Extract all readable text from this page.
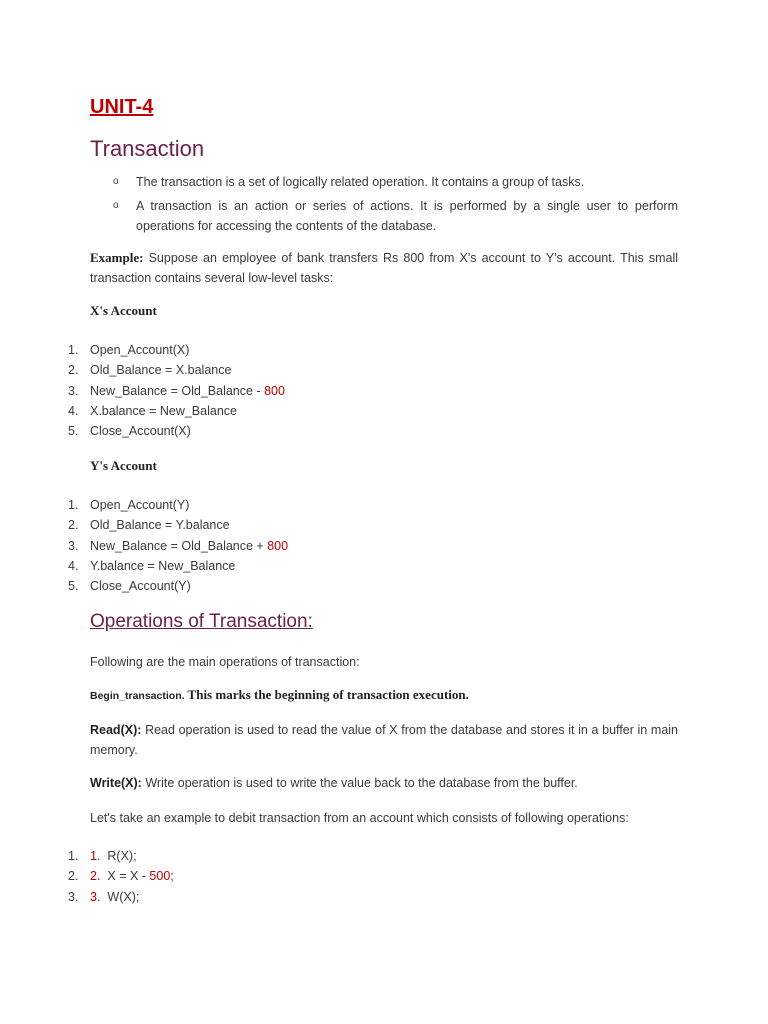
UNIT-4
Transaction
o The transaction is a set of logically related operation. It contains a group of tasks.
o A transaction is an action or series of actions. It is performed by a single user to perform operations for accessing the contents of the database.

Example: Suppose an employee of bank transfers Rs 800 from X's account to Y's account. This small transaction contains several low-level tasks:

X's Account

1. Open_Account(X)
2. Old_Balance = X.balance
3. New_Balance = Old_Balance - 800
4. X.balance = New_Balance
5. Close_Account(X)

Y's Account

1. Open_Account(Y)
2. Old_Balance = Y.balance
3. New_Balance = Old_Balance + 800
4. Y.balance = New_Balance
5. Close_Account(Y)
Operations of Transaction:

Following are the main operations of transaction:

Begin_transaction. This marks the beginning of transaction execution.

Read(X): Read operation is used to read the value of X from the database and stores it in a buffer in main memory.

Write(X): Write operation is used to write the value back to the database from the buffer.

Let's take an example to debit transaction from an account which consists of following operations:

1. 1. R(X);
2. 2. X = X - 500;
3. 3. W(X);
